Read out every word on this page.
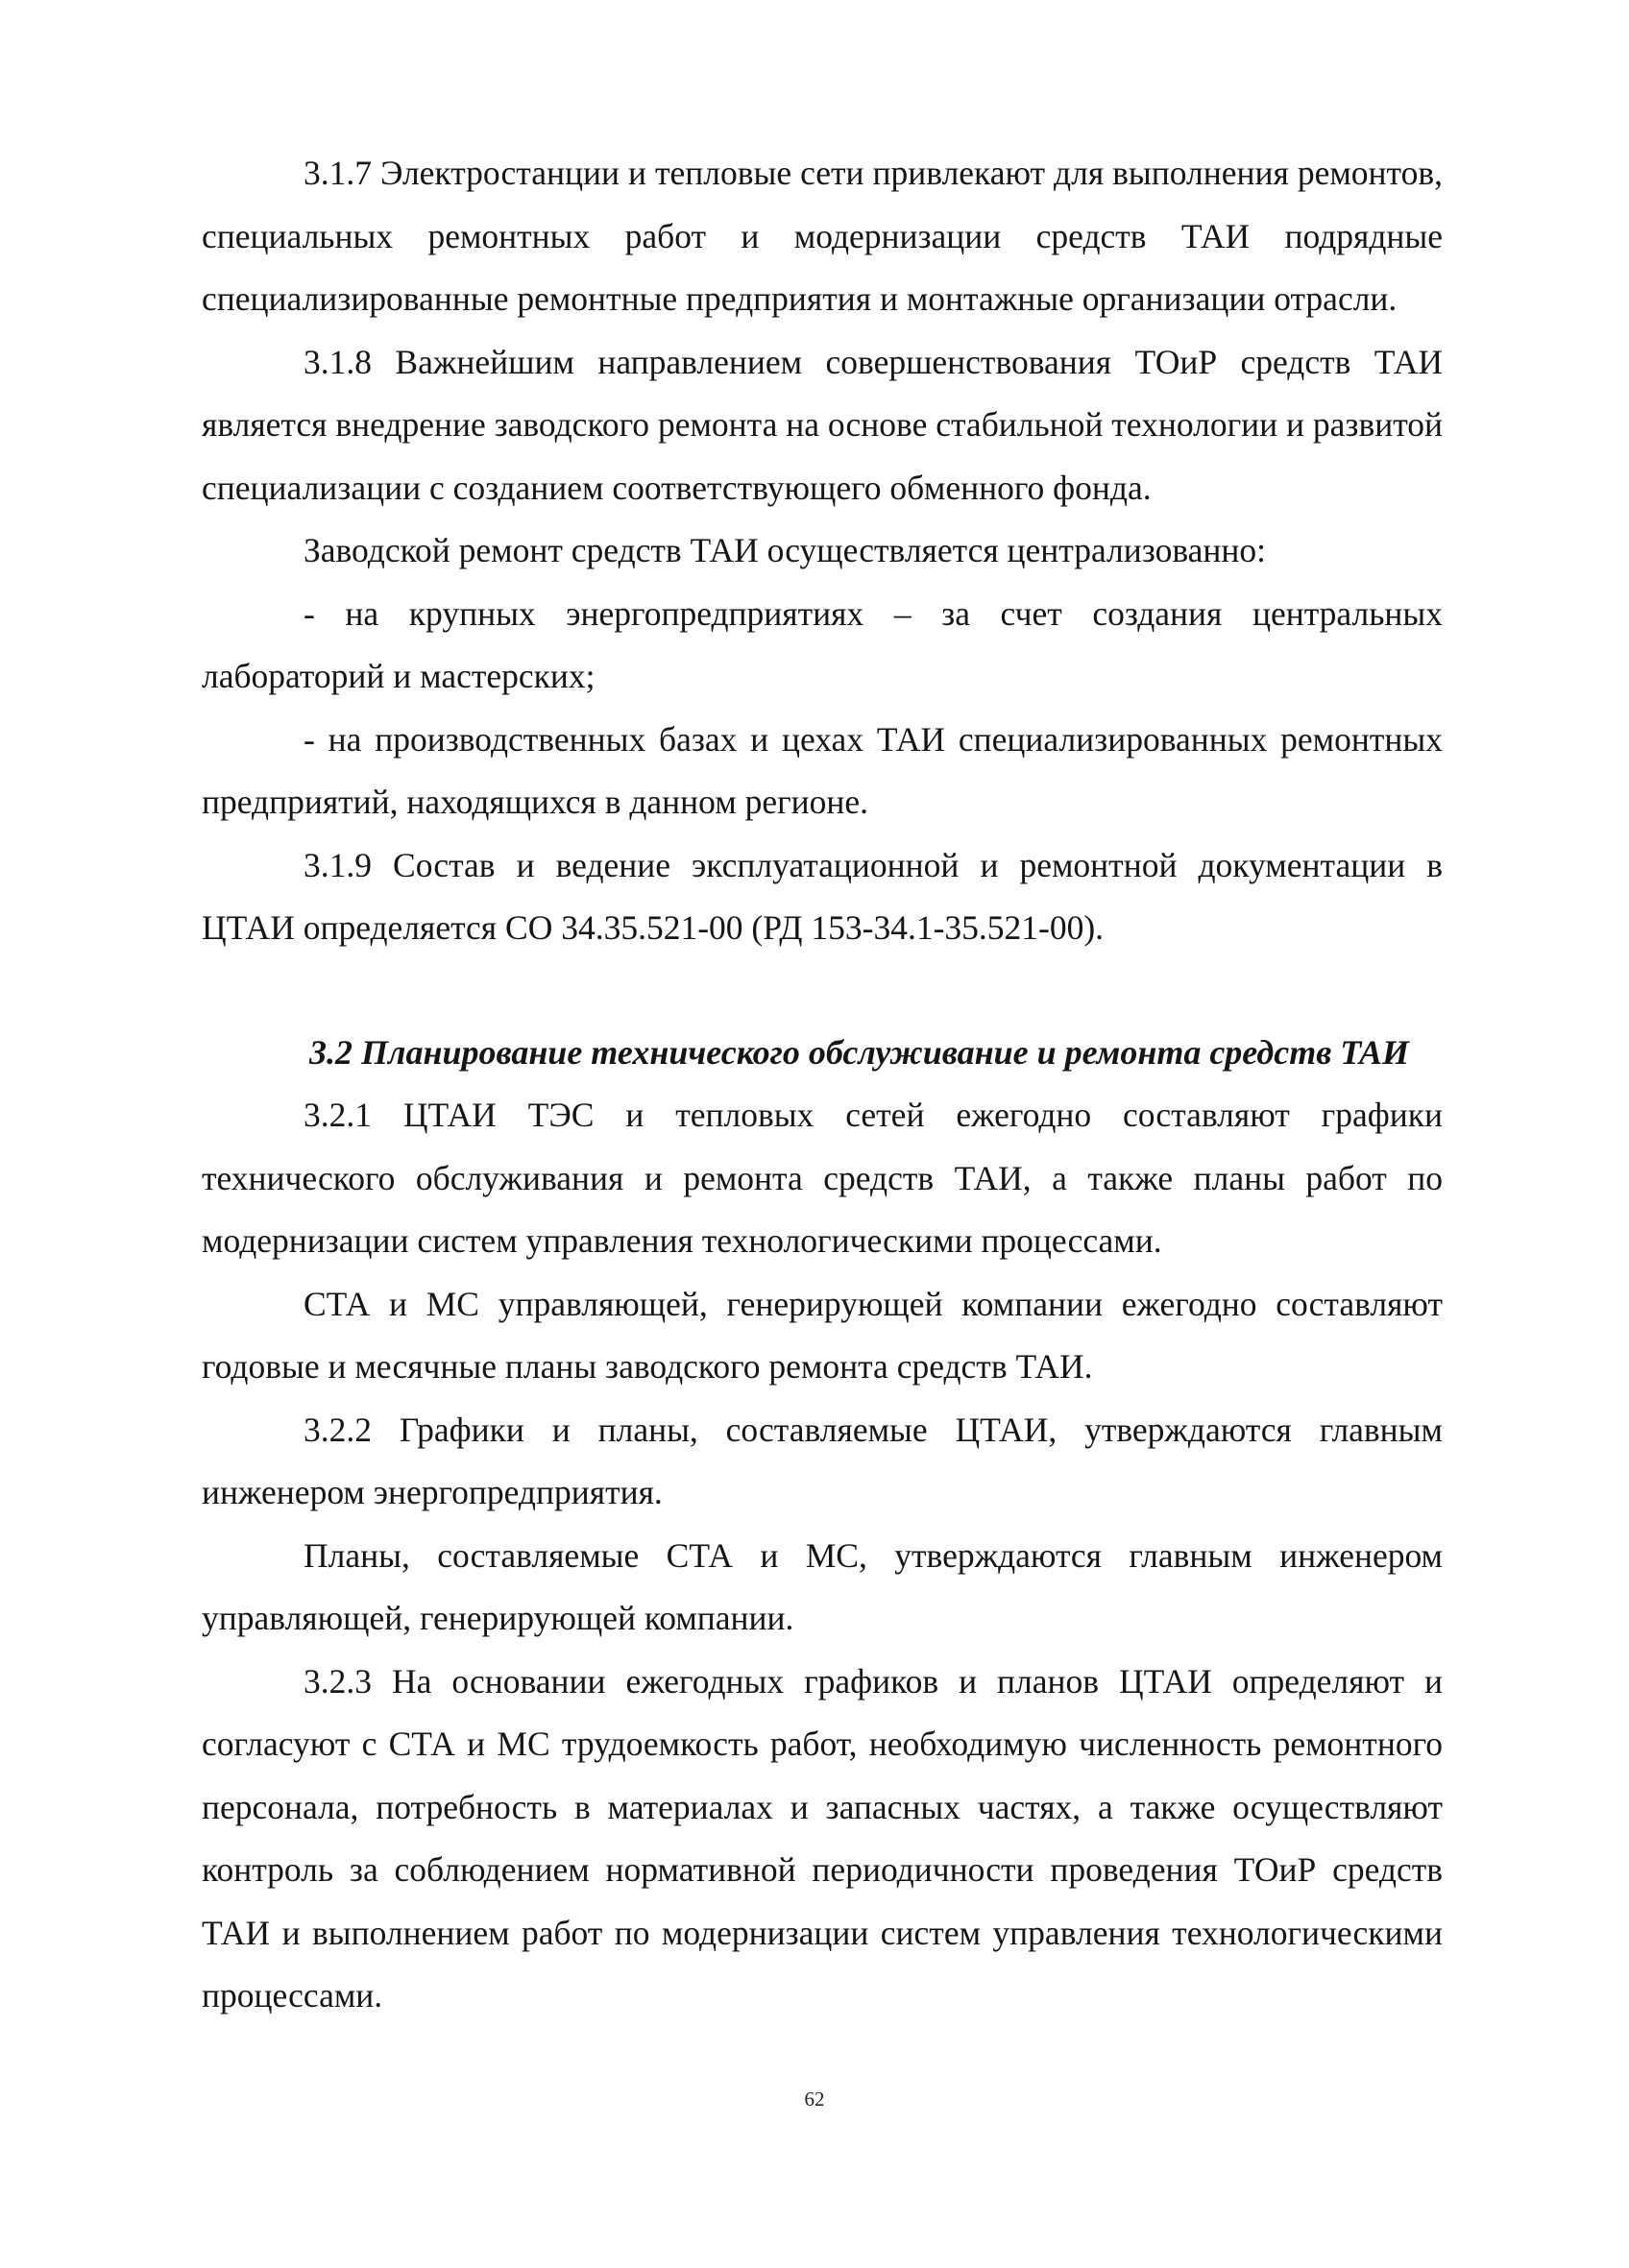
3.1.7 Электростанции и тепловые сети привлекают для выполнения ремонтов, специальных ремонтных работ и модернизации средств ТАИ подрядные специализированные ремонтные предприятия и монтажные организации отрасли.

3.1.8 Важнейшим направлением совершенствования ТОиР средств ТАИ является внедрение заводского ремонта на основе стабильной технологии и развитой специализации с созданием соответствующего обменного фонда.

Заводской ремонт средств ТАИ осуществляется централизованно:

- на крупных энергопредприятиях – за счет создания центральных лабораторий и мастерских;

- на производственных базах и цехах ТАИ специализированных ремонтных предприятий, находящихся в данном регионе.

3.1.9 Состав и ведение эксплуатационной и ремонтной документации в ЦТАИ определяется СО 34.35.521-00 (РД 153-34.1-35.521-00).

3.2 Планирование технического обслуживание и ремонта средств ТАИ

3.2.1 ЦТАИ ТЭС и тепловых сетей ежегодно составляют графики технического обслуживания и ремонта средств ТАИ, а также планы работ по модернизации систем управления технологическими процессами.

СТА и МС управляющей, генерирующей компании ежегодно составляют годовые и месячные планы заводского ремонта средств ТАИ.

3.2.2 Графики и планы, составляемые ЦТАИ, утверждаются главным инженером энергопредприятия.

Планы, составляемые СТА и МС, утверждаются главным инженером управляющей, генерирующей компании.

3.2.3 На основании ежегодных графиков и планов ЦТАИ определяют и согласуют с СТА и МС трудоемкость работ, необходимую численность ремонтного персонала, потребность в материалах и запасных частях, а также осуществляют контроль за соблюдением нормативной периодичности проведения ТОиР средств ТАИ и выполнением работ по модернизации систем управления технологическими процессами.

62
